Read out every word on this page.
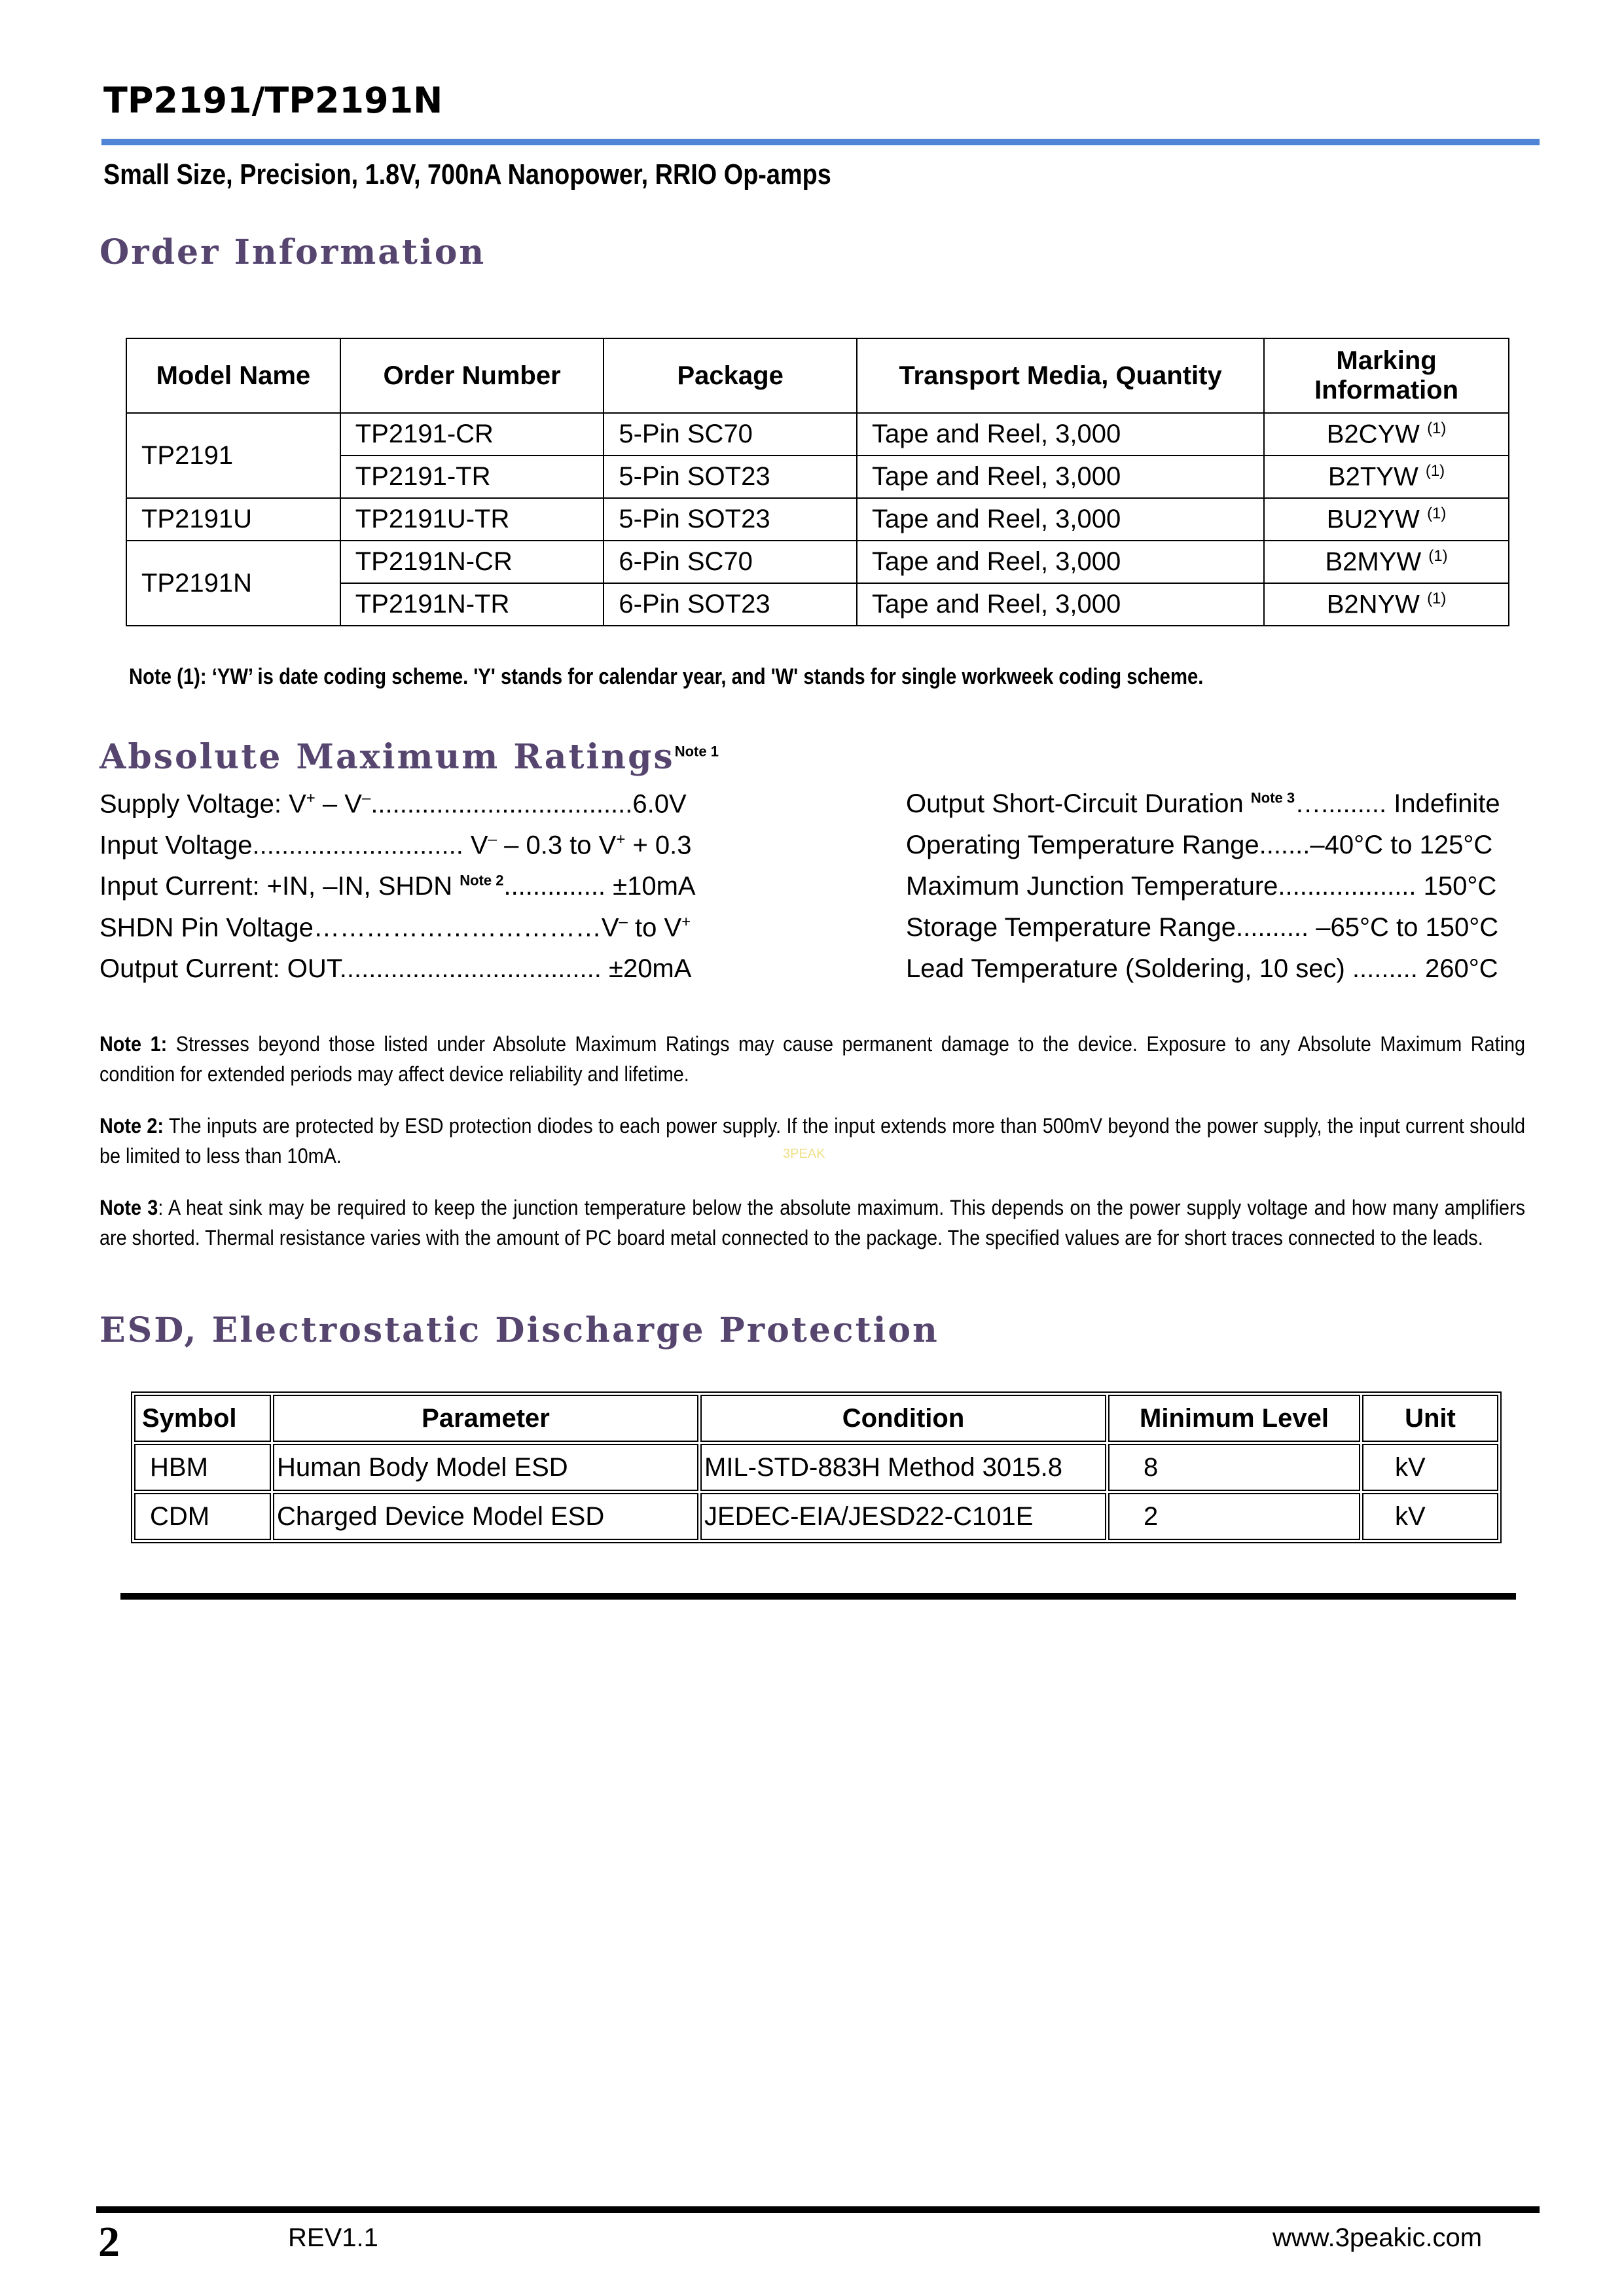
TP2191/TP2191N
Small Size, Precision, 1.8V, 700nA Nanopower, RRIO Op-amps
Order Information
Model Name	Order Number	Package	Transport Media, Quantity	Marking Information
TP2191	TP2191-CR	5-Pin SC70	Tape and Reel, 3,000	B2CYW $^{(1)}$
	TP2191-TR	5-Pin SOT23	Tape and Reel, 3,000	B2TYW $^{(1)}$
TP2191U	TP2191U-TR	5-Pin SOT23	Tape and Reel, 3,000	BU2YW $^{(1)}$
TP2191N	TP2191N-CR	6-Pin SC70	Tape and Reel, 3,000	B2MYW $^{(1)}$
	TP2191N-TR	6-Pin SOT23	Tape and Reel, 3,000	B2NYW $^{(1)}$
Note (1): ‘YW’ is date coding scheme. 'Y' stands for calendar year, and 'W' stands for single workweek coding scheme.
Absolute Maximum Ratings$^{Note 1}$
Supply Voltage: V+ – V–....................................6.0V
Input Voltage............................. V– – 0.3 to V+ + 0.3
Input Current: +IN, –IN, SHDN $^{Note 2}$.............. ±10mA
SHDN Pin Voltage……………………………V– to V+
Output Current: OUT.................................... ±20mA
Output Short-Circuit Duration $^{Note 3}$…......... Indefinite
Operating Temperature Range.......–40°C to 125°C
Maximum Junction Temperature................... 150°C
Storage Temperature Range.......... –65°C to 150°C
Lead Temperature (Soldering, 10 sec) ......... 260°C
Note 1: Stresses beyond those listed under Absolute Maximum Ratings may cause permanent damage to the device. Exposure to any Absolute Maximum Rating condition for extended periods may affect device reliability and lifetime.
Note 2: The inputs are protected by ESD protection diodes to each power supply. If the input extends more than 500mV beyond the power supply, the input current should be limited to less than 10mA.	3PEAK
Note 3: A heat sink may be required to keep the junction temperature below the absolute maximum. This depends on the power supply voltage and how many amplifiers are shorted. Thermal resistance varies with the amount of PC board metal connected to the package. The specified values are for short traces connected to the leads.
ESD, Electrostatic Discharge Protection
Symbol	Parameter	Condition	Minimum Level	Unit
HBM	Human Body Model ESD	MIL-STD-883H Method 3015.8	8	kV
CDM	Charged Device Model ESD	JEDEC-EIA/JESD22-C101E	2	kV
2	REV1.1	www.3peakic.com
